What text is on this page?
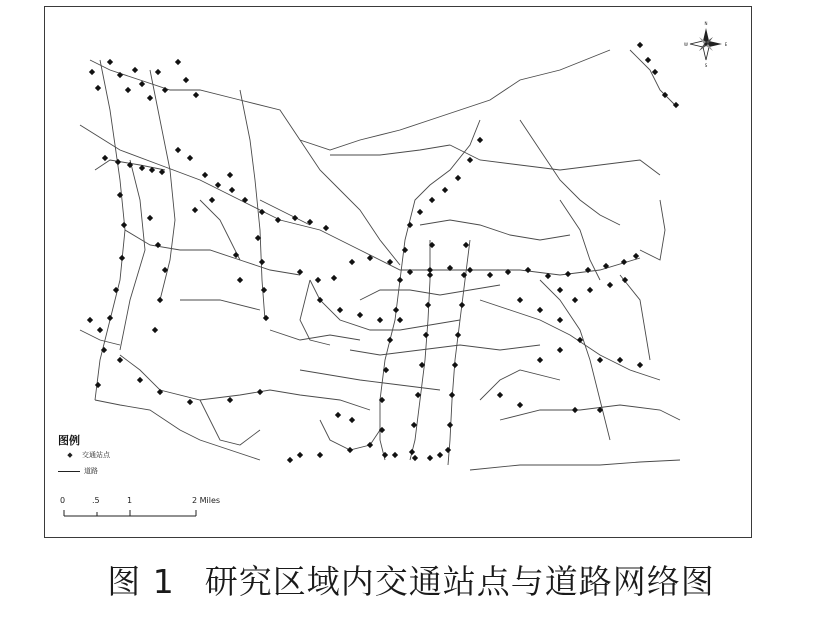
N
E
S
W
图例
◆ 交通站点
道路
0	.5	1	2 Miles
图 1 研究区域内交通站点与道路网络图
